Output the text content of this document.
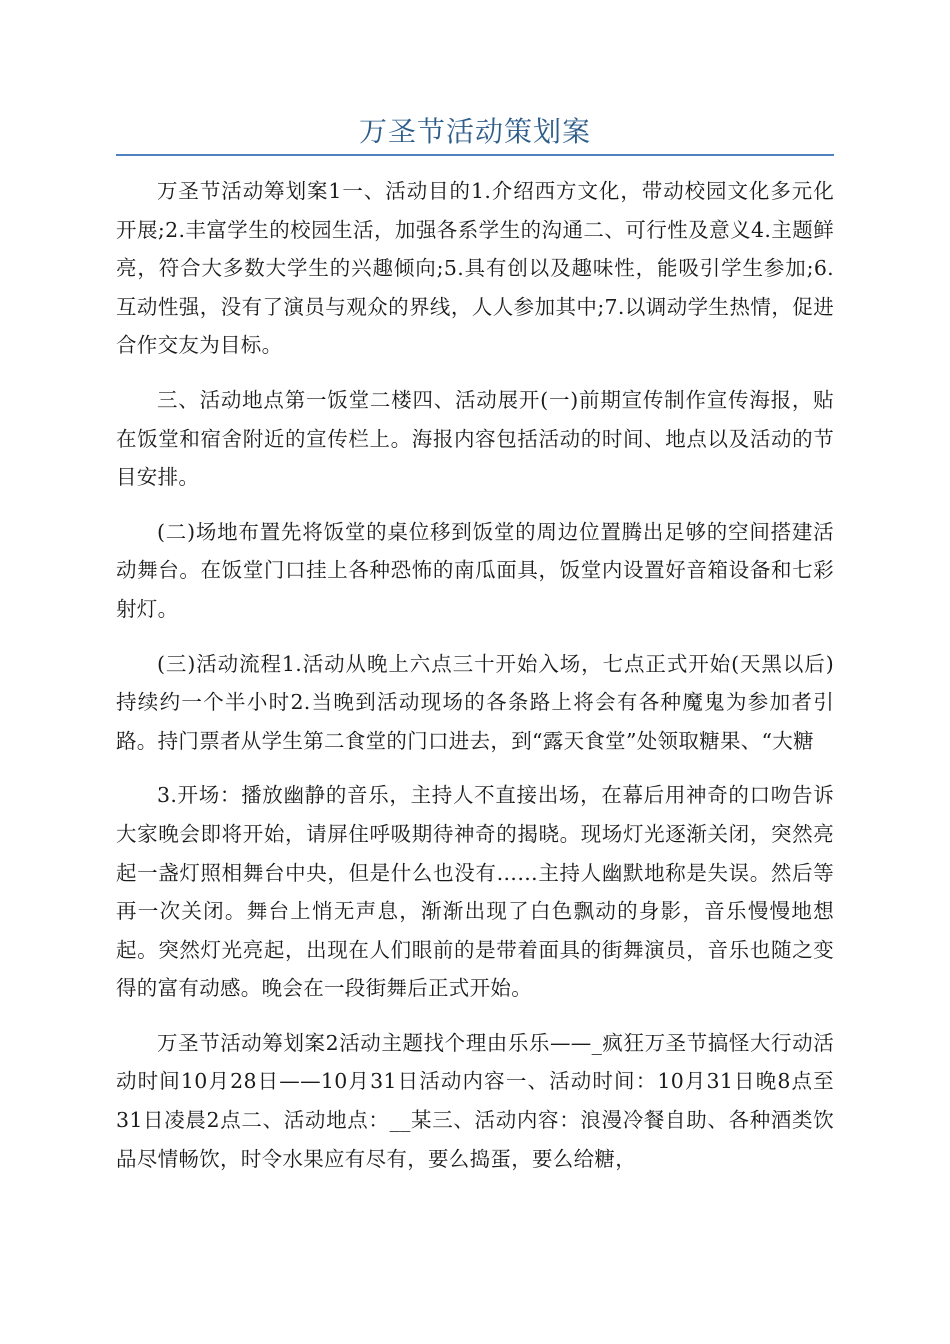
万圣节活动策划案

万圣节活动筹划案1一、活动目的1.介绍西方文化，带动校园文化多元化开展;2.丰富学生的校园生活，加强各系学生的沟通二、可行性及意义4.主题鲜亮，符合大多数大学生的兴趣倾向;5.具有创以及趣味性，能吸引学生参加;6.互动性强，没有了演员与观众的界线，人人参加其中;7.以调动学生热情，促进合作交友为目标。

三、活动地点第一饭堂二楼四、活动展开(一)前期宣传制作宣传海报，贴在饭堂和宿舍附近的宣传栏上。海报内容包括活动的时间、地点以及活动的节目安排。

(二)场地布置先将饭堂的桌位移到饭堂的周边位置腾出足够的空间搭建活动舞台。在饭堂门口挂上各种恐怖的南瓜面具，饭堂内设置好音箱设备和七彩射灯。

(三)活动流程1.活动从晚上六点三十开始入场，七点正式开始(天黑以后)持续约一个半小时2.当晚到活动现场的各条路上将会有各种魔鬼为参加者引路。持门票者从学生第二食堂的门口进去，到“露天食堂”处领取糖果、“大糖

3.开场：播放幽静的音乐，主持人不直接出场，在幕后用神奇的口吻告诉大家晚会即将开始，请屏住呼吸期待神奇的揭晓。现场灯光逐渐关闭，突然亮起一盏灯照相舞台中央，但是什么也没有……主持人幽默地称是失误。然后等再一次关闭。舞台上悄无声息，渐渐出现了白色飘动的身影，音乐慢慢地想起。突然灯光亮起，出现在人们眼前的是带着面具的街舞演员，音乐也随之变得的富有动感。晚会在一段街舞后正式开始。

万圣节活动筹划案2活动主题找个理由乐乐——_疯狂万圣节搞怪大行动活动时间10月28日——10月31日活动内容一、活动时间：10月31日晚8点至31日凌晨2点二、活动地点：__某三、活动内容：浪漫冷餐自助、各种酒类饮品尽情畅饮，时令水果应有尽有，要么捣蛋，要么给糖，
